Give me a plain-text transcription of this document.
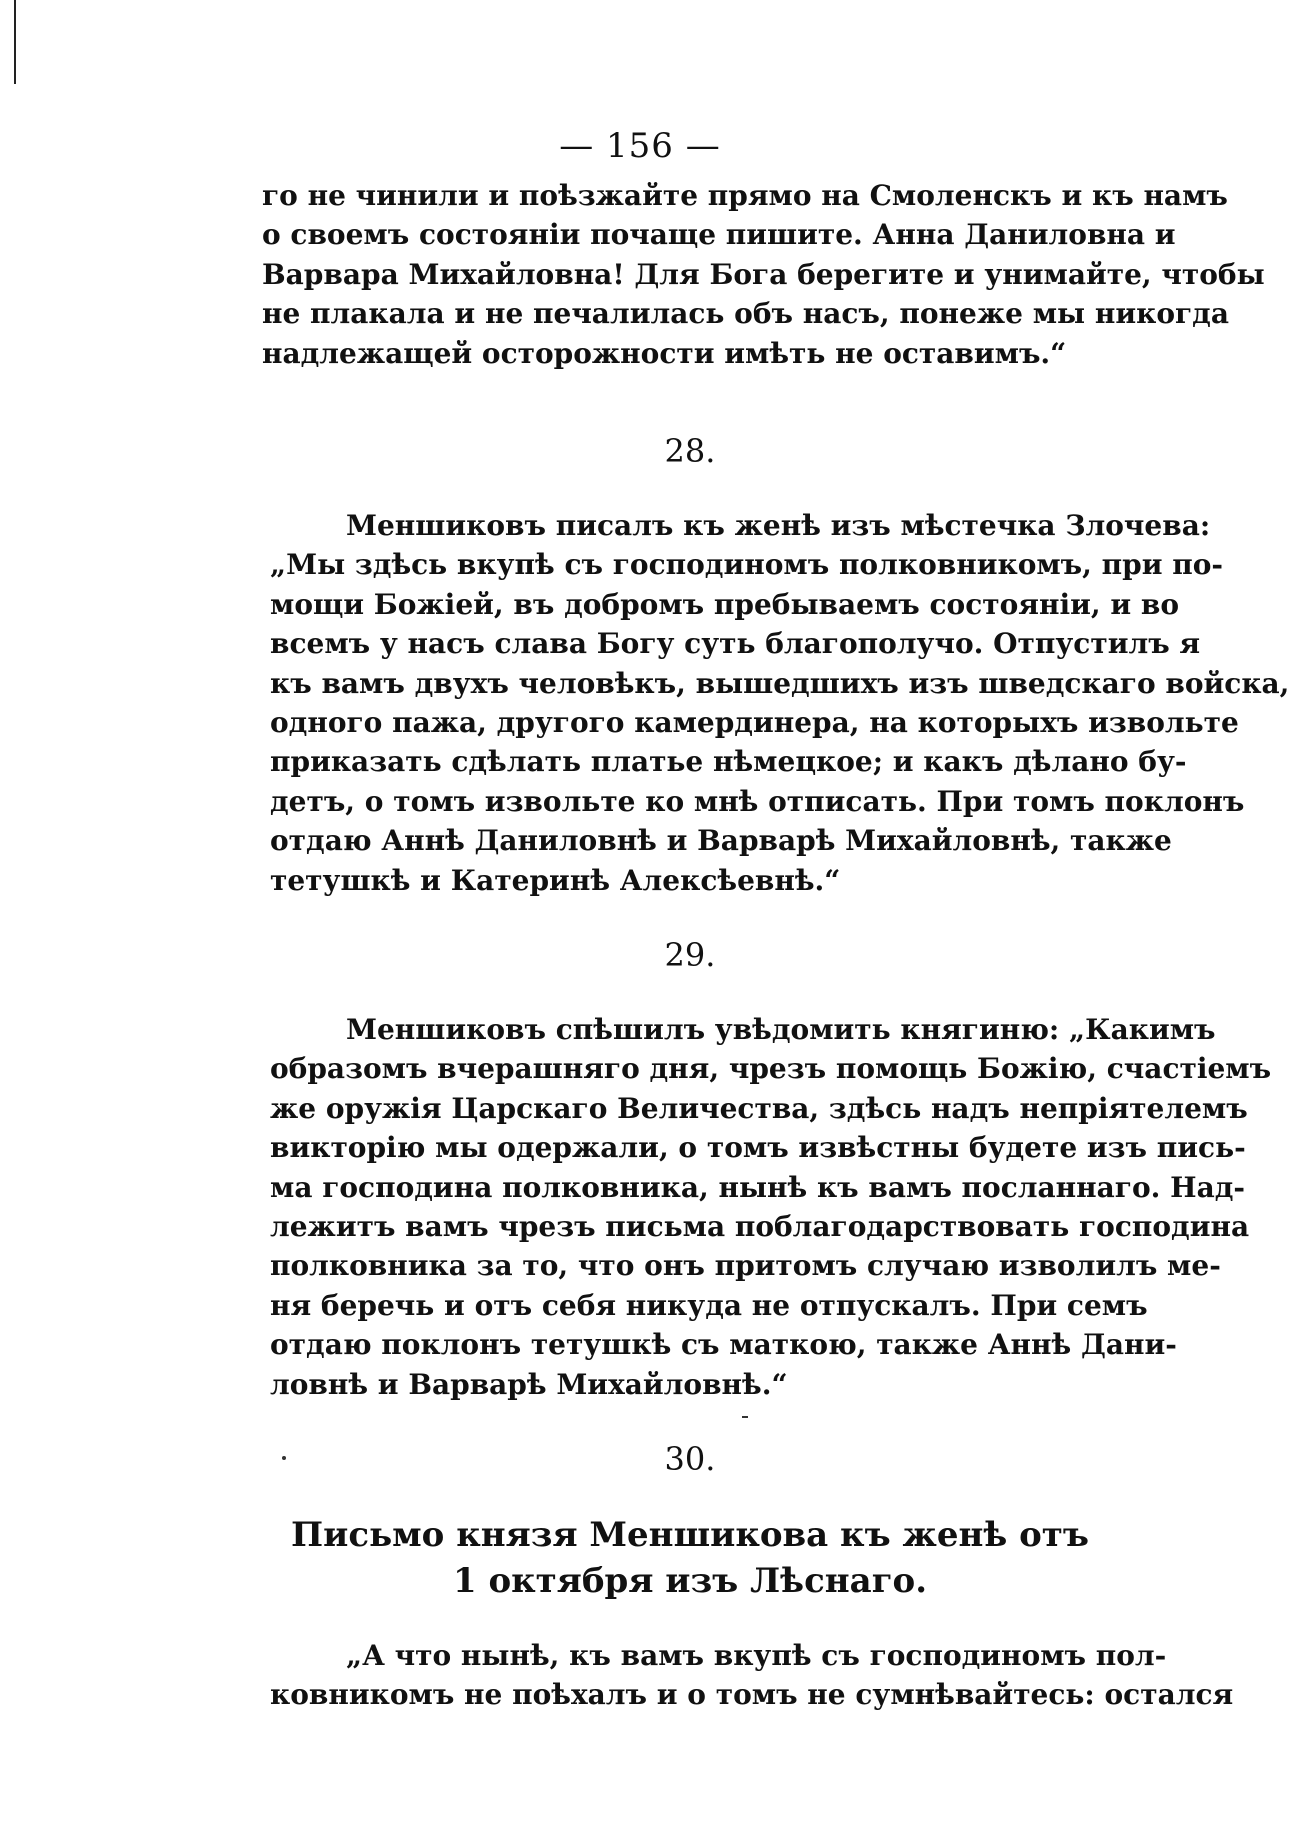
— 156 —
го не чинили и поѣзжайте прямо на Смоленскъ и къ намъ
о своемъ состояніи почаще пишите. Анна Даниловна и
Варвара Михайловна! Для Бога берегите и унимайте, чтобы
не плакала и не печалилась объ насъ, понеже мы никогда
надлежащей осторожности имѣть не оставимъ.“
28.
Меншиковъ писалъ къ женѣ изъ мѣстечка Злочева:
„Мы здѣсь вкупѣ съ господиномъ полковникомъ, при по-
мощи Божіей, въ добромъ пребываемъ состояніи, и во
всемъ у насъ слава Богу суть благополучо. Отпустилъ я
къ вамъ двухъ человѣкъ, вышедшихъ изъ шведскаго войска,
одного пажа, другого камердинера, на которыхъ извольте
приказать сдѣлать платье нѣмецкое; и какъ дѣлано бу-
детъ, о томъ извольте ко мнѣ отписать. При томъ поклонъ
отдаю Аннѣ Даниловнѣ и Варварѣ Михайловнѣ, также
тетушкѣ и Катеринѣ Алексѣевнѣ.“
29.
Меншиковъ спѣшилъ увѣдомить княгиню: „Какимъ
образомъ вчерашняго дня, чрезъ помощь Божію, счастіемъ
же оружія Царскаго Величества, здѣсь надъ непріятелемъ
викторію мы одержали, о томъ извѣстны будете изъ пись-
ма господина полковника, нынѣ къ вамъ посланнаго. Над-
лежитъ вамъ чрезъ письма поблагодарствовать господина
полковника за то, что онъ притомъ случаю изволилъ ме-
ня беречь и отъ себя никуда не отпускалъ. При семъ
отдаю поклонъ тетушкѣ съ маткою, также Аннѣ Дани-
ловнѣ и Варварѣ Михайловнѣ.“
30.
Письмо князя Меншикова къ женѣ отъ
1 октября изъ Лѣснаго.
„А что нынѣ, къ вамъ вкупѣ съ господиномъ пол-
ковникомъ не поѣхалъ и о томъ не сумнѣвайтесь: остался
